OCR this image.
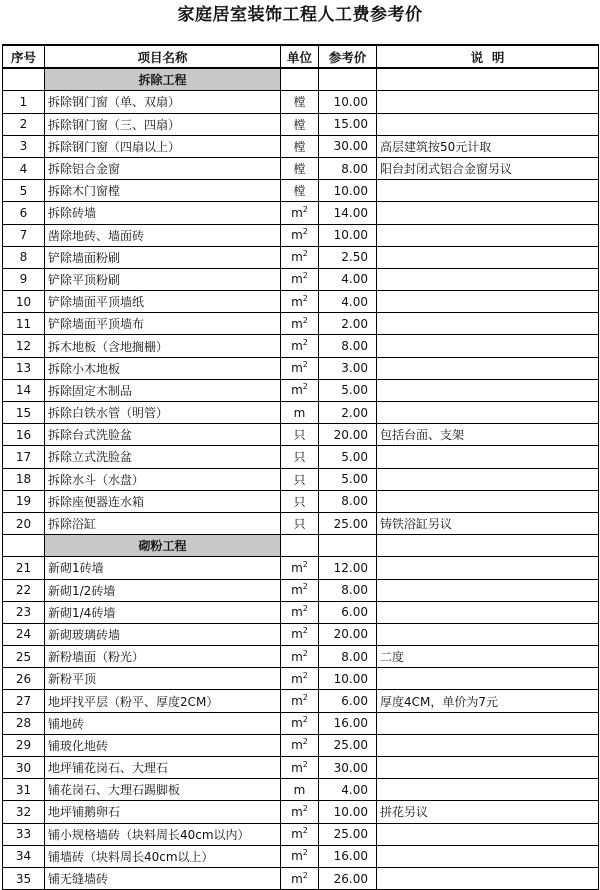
家庭居室装饰工程人工费参考价
序号	项目名称	单位	参考价	说  明
	拆除工程			
1	拆除钢门窗（单、双扇）	樘	10.00	
2	拆除钢门窗（三、四扇）	樘	15.00	
3	拆除钢门窗（四扇以上）	樘	30.00	高层建筑按50元计取
4	拆除铝合金窗	樘	8.00	阳台封闭式铝合金窗另议
5	拆除木门窗樘	樘	10.00	
6	拆除砖墙	$m^2$	14.00	
7	凿除地砖、墙面砖	$m^2$	10.00	
8	铲除墙面粉刷	$m^2$	2.50	
9	铲除平顶粉刷	$m^2$	4.00	
10	铲除墙面平顶墙纸	$m^2$	4.00	
11	铲除墙面平顶墙布	$m^2$	2.00	
12	拆木地板（含地搁栅）	$m^2$	8.00	
13	拆除小木地板	$m^2$	3.00	
14	拆除固定木制品	$m^2$	5.00	
15	拆除白铁水管（明管）	m	2.00	
16	拆除台式洗脸盆	只	20.00	包括台面、支架
17	拆除立式洗脸盆	只	5.00	
18	拆除水斗（水盘）	只	5.00	
19	拆除座便器连水箱	只	8.00	
20	拆除浴缸	只	25.00	铸铁浴缸另议
	砌粉工程			
21	新砌1砖墙	$m^2$	12.00	
22	新砌1/2砖墙	$m^2$	8.00	
23	新砌1/4砖墙	$m^2$	6.00	
24	新砌玻璃砖墙	$m^2$	20.00	
25	新粉墙面（粉光）	$m^2$	8.00	二度
26	新粉平顶	$m^2$	10.00	
27	地坪找平层（粉平、厚度2CM）	$m^2$	6.00	厚度4CM，单价为7元
28	铺地砖	$m^2$	16.00	
29	铺玻化地砖	$m^2$	25.00	
30	地坪铺花岗石、大理石	$m^2$	30.00	
31	铺花岗石、大理石踢脚板	m	4.00	
32	地坪铺鹅卵石	$m^2$	10.00	拼花另议
33	铺小规格墙砖（块料周长40cm以内）	$m^2$	25.00	
34	铺墙砖（块料周长40cm以上）	$m^2$	16.00	
35	铺无缝墙砖	$m^2$	26.00	
